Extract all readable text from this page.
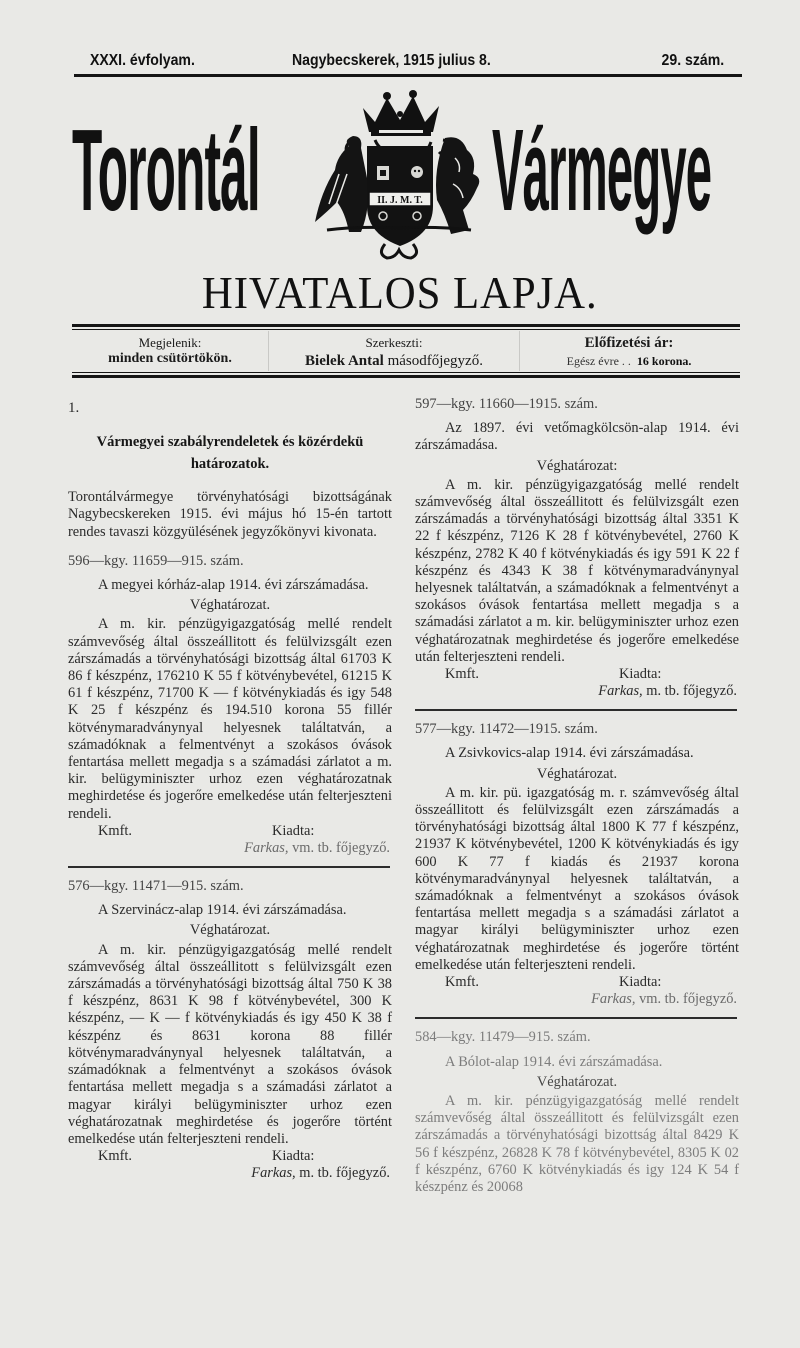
XXXI. évfolyam.	Nagybecskerek, 1915 julius 8.	29. szám.
Torontál	II. J. M. T. Vármegye
HIVATALOS LAPJA.
Megjelenik:
minden csütörtökön.
Szerkeszti:
Bielek Antal másodfőjegyző.
Előfizetési ár:
Egész évre . . 16 korona.

1.

Vármegyei szabályrendeletek és közérdekü határozatok.

Torontálvármegye törvényhatósági bizottságának Nagybecskereken 1915. évi május hó 15-én tartott rendes tavaszi közgyülésének jegyzőkönyvi kivonata.

596—kgy. 11659—915. szám.

A megyei kórház-alap 1914. évi zárszámadása.

Véghatározat.

A m. kir. pénzügyigazgatóság mellé rendelt számvevőség által összeállitott és felülvizsgált ezen zárszámadás a törvényhatósági bizottság által 61703 K 86 f készpénz, 176210 K 55 f kötvénybevétel, 61215 K 61 f készpénz, 71700 K — f kötvénykiadás és igy 548 K 25 f készpénz és 194.510 korona 55 fillér kötvénymaradványnyal helyesnek találtatván, a számadóknak a felmentvényt a szokásos óvások fentartása mellett megadja s a számadási zárlatot a m. kir. belügyminiszter urhoz ezen véghatározatnak meghirdetése és jogerőre emelkedése után felterjeszteni rendeli.

Kmft.	Kiadta:

Farkas, vm. tb. főjegyző.

576—kgy. 11471—915. szám.

A Szervinácz-alap 1914. évi zárszámadása.

Véghatározat.

A m. kir. pénzügyigazgatóság mellé rendelt számvevőség által összeállitott s felülvizsgált ezen zárszámadás a törvényhatósági bizottság által 750 K 38 f készpénz, 8631 K 98 f kötvénybevétel, 300 K készpénz, — K — f kötvénykiadás és igy 450 K 38 f készpénz és 8631 korona 88 fillér kötvénymaradványnyal helyesnek találtatván, a számadóknak a felmentvényt a szokásos óvások fentartása mellett megadja s a számadási zárlatot a magyar királyi belügyminiszter urhoz ezen véghatározatnak meghirdetése és jogerőre történt emelkedése után felterjeszteni rendeli.

Kmft.	Kiadta:

Farkas, m. tb. főjegyző.

597—kgy. 11660—1915. szám.

Az 1897. évi vetőmagkölcsön-alap 1914. évi zárszámadása.

Véghatározat:

A m. kir. pénzügyigazgatóság mellé rendelt számvevőség által összeállitott és felülvizsgált ezen zárszámadás a törvényhatósági bizottság által 3351 K 22 f készpénz, 7126 K 28 f kötvénybevétel, 2760 K készpénz, 2782 K 40 f kötvénykiadás és igy 591 K 22 f készpénz és 4343 K 38 f kötvénymaradványnyal helyesnek találtatván, a számadóknak a felmentvényt a szokásos óvások fentartása mellett megadja s a számadási zárlatot a m. kir. belügyminiszter urhoz ezen véghatározatnak meghirdetése és jogerőre emelkedése után felterjeszteni rendeli.

Kmft.	Kiadta:

Farkas, m. tb. főjegyző.

577—kgy. 11472—1915. szám.

A Zsivkovics-alap 1914. évi zárszámadása.

Véghatározat.

A m. kir. pü. igazgatóság m. r. számvevőség által összeállitott és felülvizsgált ezen zárszámadás a törvényhatósági bizottság által 1800 K 77 f készpénz, 21937 K kötvénybevétel, 1200 K kötvénykiadás és igy 600 K 77 f kiadás és 21937 korona kötvénymaradványnyal helyesnek találtatván, a számadóknak a felmentvényt a szokásos óvások fentartása mellett megadja s a számadási zárlatot a magyar királyi belügyminiszter urhoz ezen véghatározatnak meghirdetése és jogerőre történt emelkedése után felterjeszteni rendeli.

Kmft.	Kiadta:

Farkas, vm. tb. főjegyző.

584—kgy. 11479—915. szám.

A Bólot-alap 1914. évi zárszámadása.

Véghatározat.

A m. kir. pénzügyigazgatóság mellé rendelt számvevőség által összeállitott és felülvizsgált ezen zárszámadás a törvényhatósági bizottság által 8429 K 56 f készpénz, 26828 K 78 f kötvénybevétel, 8305 K 02 f készpénz, 6760 K kötvénykiadás és igy 124 K 54 f készpénz és 20068
